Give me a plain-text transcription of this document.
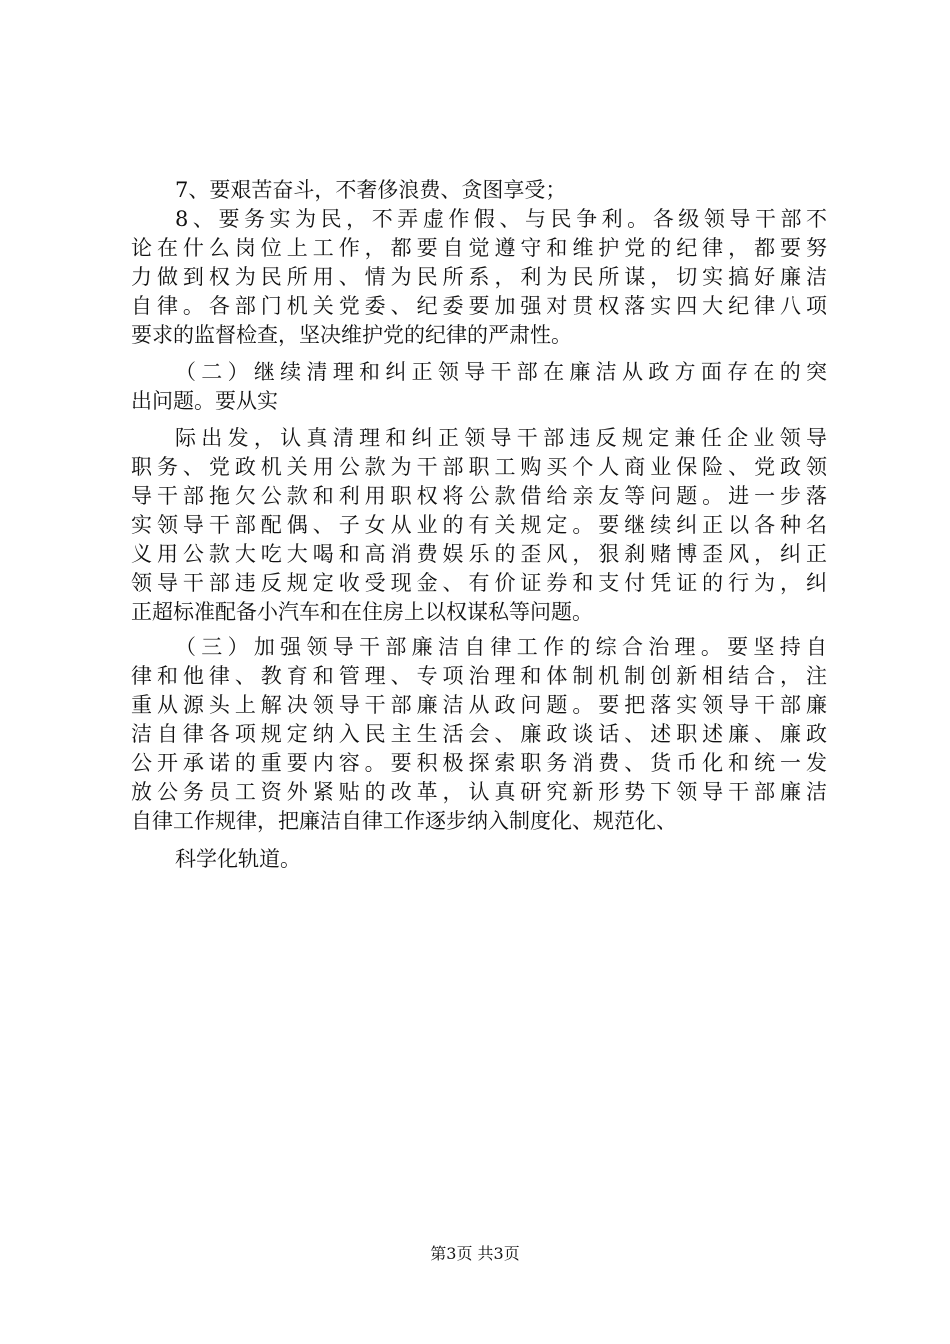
7、要艰苦奋斗，不奢侈浪费、贪图享受；

8、要务实为民，不弄虚作假、与民争利。各级领导干部不

论在什么岗位上工作，都要自觉遵守和维护党的纪律，都要努

力做到权为民所用、情为民所系，利为民所谋，切实搞好廉洁

自律。各部门机关党委、纪委要加强对贯权落实四大纪律八项

要求的监督检查，坚决维护党的纪律的严肃性。

（二）继续清理和纠正领导干部在廉洁从政方面存在的突

出问题。要从实

际出发，认真清理和纠正领导干部违反规定兼任企业领导

职务、党政机关用公款为干部职工购买个人商业保险、党政领

导干部拖欠公款和利用职权将公款借给亲友等问题。进一步落

实领导干部配偶、子女从业的有关规定。要继续纠正以各种名

义用公款大吃大喝和高消费娱乐的歪风，狠刹赌博歪风，纠正

领导干部违反规定收受现金、有价证券和支付凭证的行为，纠

正超标准配备小汽车和在住房上以权谋私等问题。

（三）加强领导干部廉洁自律工作的综合治理。要坚持自

律和他律、教育和管理、专项治理和体制机制创新相结合，注

重从源头上解决领导干部廉洁从政问题。要把落实领导干部廉

洁自律各项规定纳入民主生活会、廉政谈话、述职述廉、廉政

公开承诺的重要内容。要积极探索职务消费、货币化和统一发

放公务员工资外紧贴的改革，认真研究新形势下领导干部廉洁

自律工作规律，把廉洁自律工作逐步纳入制度化、规范化、

科学化轨道。

第3页 共3页
